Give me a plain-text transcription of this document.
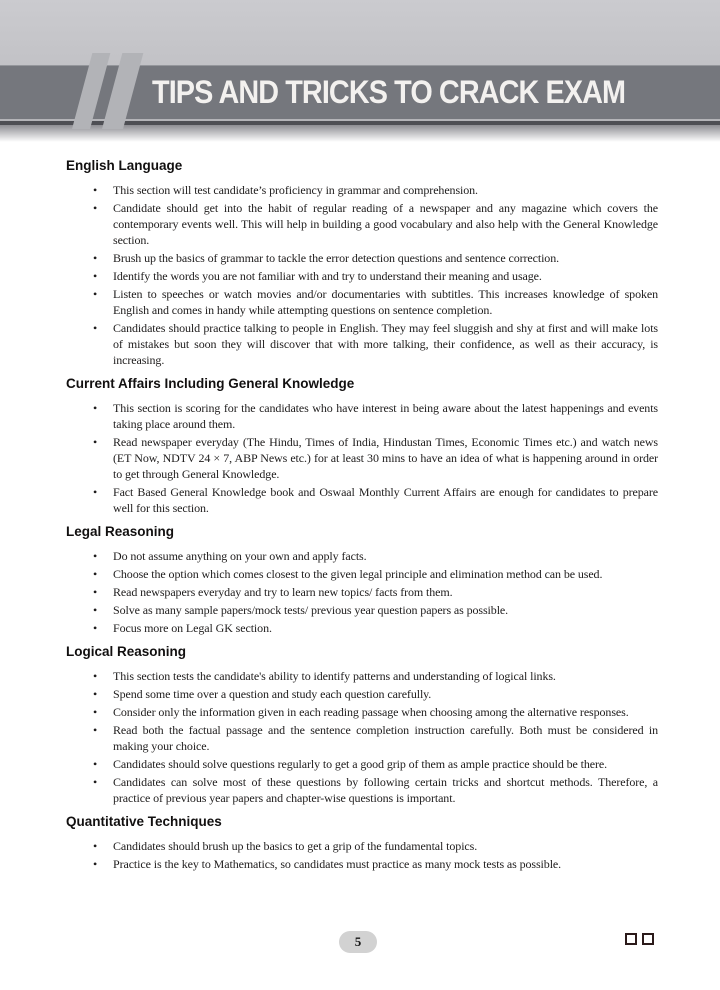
TIPS AND TRICKS TO CRACK EXAM
English Language
• This section will test candidate’s proficiency in grammar and comprehension.
• Candidate should get into the habit of regular reading of a newspaper and any magazine which covers the contemporary events well. This will help in building a good vocabulary and also help with the General Knowledge section.
• Brush up the basics of grammar to tackle the error detection questions and sentence correction.
• Identify the words you are not familiar with and try to understand their meaning and usage.
• Listen to speeches or watch movies and/or documentaries with subtitles. This increases knowledge of spoken English and comes in handy while attempting questions on sentence completion.
• Candidates should practice talking to people in English. They may feel sluggish and shy at first and will make lots of mistakes but soon they will discover that with more talking, their confidence, as well as their accuracy, is increasing.
Current Affairs Including General Knowledge
• This section is scoring for the candidates who have interest in being aware about the latest happenings and events taking place around them.
• Read newspaper everyday (The Hindu, Times of India, Hindustan Times, Economic Times etc.) and watch news (ET Now, NDTV 24 × 7, ABP News etc.) for at least 30 mins to have an idea of what is happening around in order to get through General Knowledge.
• Fact Based General Knowledge book and Oswaal Monthly Current Affairs are enough for candidates to prepare well for this section.
Legal Reasoning
• Do not assume anything on your own and apply facts.
• Choose the option which comes closest to the given legal principle and elimination method can be used.
• Read newspapers everyday and try to learn new topics/ facts from them.
• Solve as many sample papers/mock tests/ previous year question papers as possible.
• Focus more on Legal GK section.
Logical Reasoning
• This section tests the candidate's ability to identify patterns and understanding of logical links.
• Spend some time over a question and study each question carefully.
• Consider only the information given in each reading passage when choosing among the alternative responses.
• Read both the factual passage and the sentence completion instruction carefully. Both must be considered in making your choice.
• Candidates should solve questions regularly to get a good grip of them as ample practice should be there.
• Candidates can solve most of these questions by following certain tricks and shortcut methods. Therefore, a practice of previous year papers and chapter-wise questions is important.
Quantitative Techniques
• Candidates should brush up the basics to get a grip of the fundamental topics.
• Practice is the key to Mathematics, so candidates must practice as many mock tests as possible.
5
